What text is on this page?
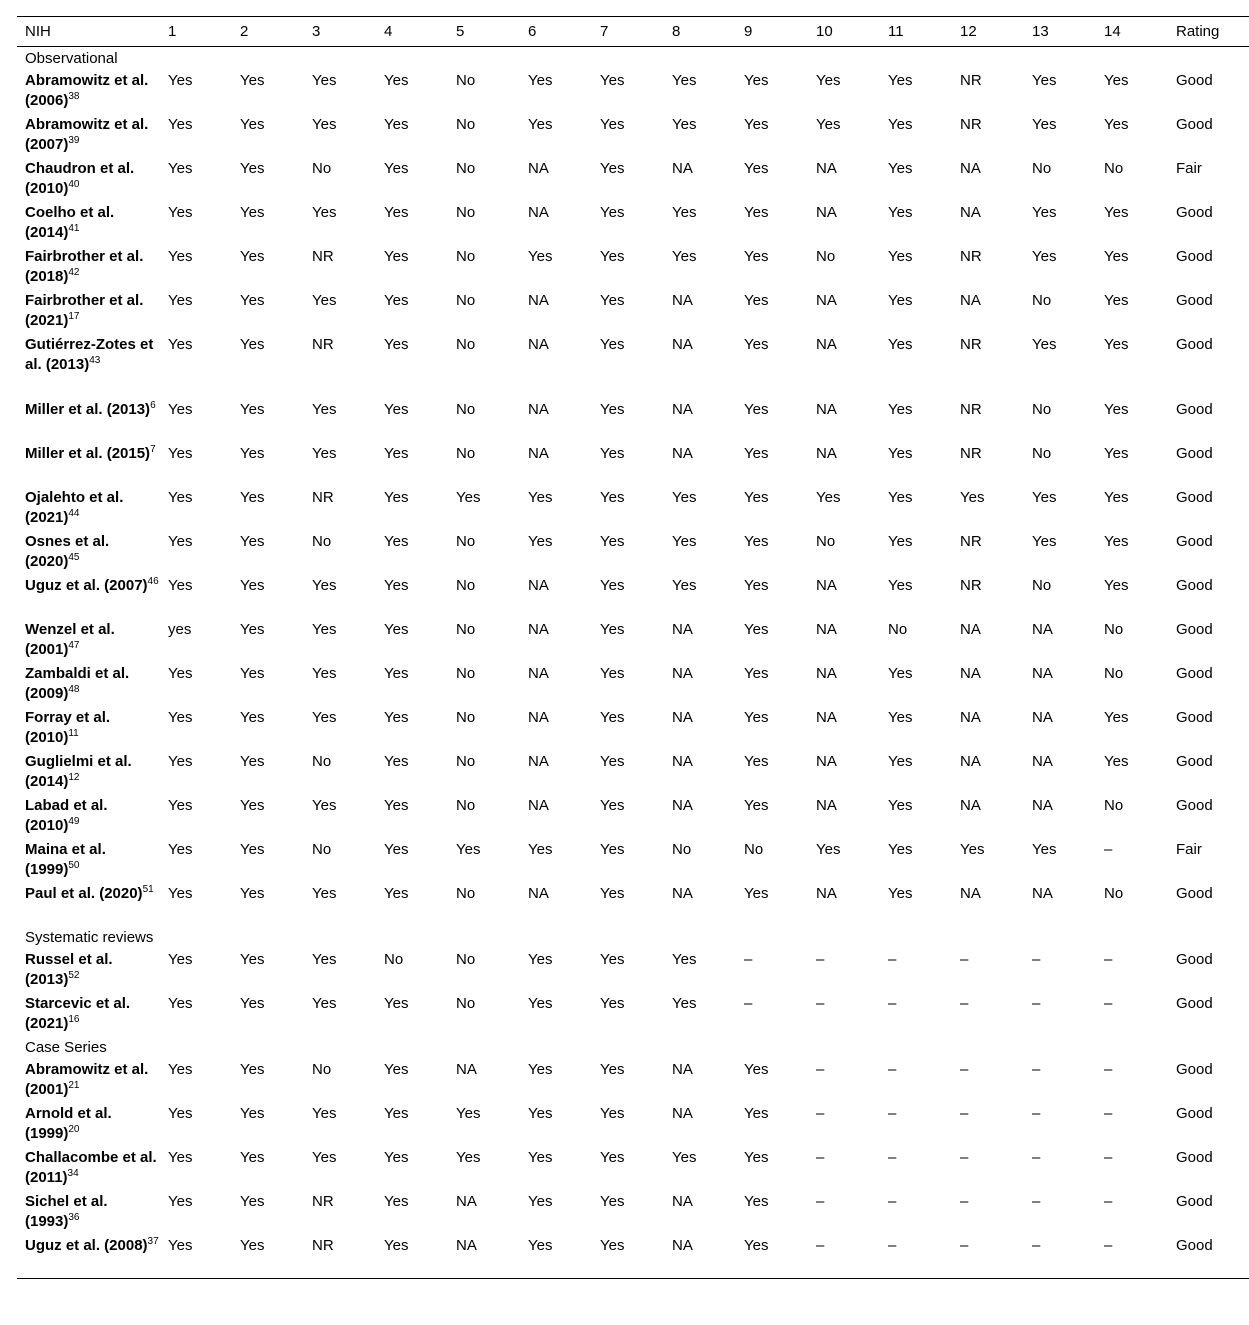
NIH	1	2	3	4	5	6	7	8	9	10	11	12	13	14	Rating
Observational															
Abramowitz et al. $(2006)^{38}$	Yes	Yes	Yes	Yes	No	Yes	Yes	Yes	Yes	Yes	Yes	NR	Yes	Yes	Good
Abramowitz et al. $(2007)^{39}$	Yes	Yes	Yes	Yes	No	Yes	Yes	Yes	Yes	Yes	Yes	NR	Yes	Yes	Good
Chaudron et al. $(2010)^{40}$	Yes	Yes	No	Yes	No	NA	Yes	NA	Yes	NA	Yes	NA	No	No	Fair
Coelho et al. $(2014)^{41}$	Yes	Yes	Yes	Yes	No	NA	Yes	Yes	Yes	NA	Yes	NA	Yes	Yes	Good
Fairbrother et al. $(2018)^{42}$	Yes	Yes	NR	Yes	No	Yes	Yes	Yes	Yes	No	Yes	NR	Yes	Yes	Good
Fairbrother et al. $(2021)^{17}$	Yes	Yes	Yes	Yes	No	NA	Yes	NA	Yes	NA	Yes	NA	No	Yes	Good
Gutiérrez-Zotes et al. $(2013)^{43}$	Yes	Yes	NR	Yes	No	NA	Yes	NA	Yes	NA	Yes	NR	Yes	Yes	Good
Miller et al. $(2013)^6$	Yes	Yes	Yes	Yes	No	NA	Yes	NA	Yes	NA	Yes	NR	No	Yes	Good
Miller et al. $(2015)^7$	Yes	Yes	Yes	Yes	No	NA	Yes	NA	Yes	NA	Yes	NR	No	Yes	Good
Ojalehto et al. $(2021)^{44}$	Yes	Yes	NR	Yes	Yes	Yes	Yes	Yes	Yes	Yes	Yes	Yes	Yes	Yes	Good
Osnes et al. $(2020)^{45}$	Yes	Yes	No	Yes	No	Yes	Yes	Yes	Yes	No	Yes	NR	Yes	Yes	Good
Uguz et al. $(2007)^{46}$	Yes	Yes	Yes	Yes	No	NA	Yes	Yes	Yes	NA	Yes	NR	No	Yes	Good
Wenzel et al. $(2001)^{47}$	yes	Yes	Yes	Yes	No	NA	Yes	NA	Yes	NA	No	NA	NA	No	Good
Zambaldi et al. $(2009)^{48}$	Yes	Yes	Yes	Yes	No	NA	Yes	NA	Yes	NA	Yes	NA	NA	No	Good
Forray et al. $(2010)^{11}$	Yes	Yes	Yes	Yes	No	NA	Yes	NA	Yes	NA	Yes	NA	NA	Yes	Good
Guglielmi et al. $(2014)^{12}$	Yes	Yes	No	Yes	No	NA	Yes	NA	Yes	NA	Yes	NA	NA	Yes	Good
Labad et al. $(2010)^{49}$	Yes	Yes	Yes	Yes	No	NA	Yes	NA	Yes	NA	Yes	NA	NA	No	Good
Maina et al. $(1999)^{50}$	Yes	Yes	No	Yes	Yes	Yes	Yes	No	No	Yes	Yes	Yes	Yes	–	Fair
Paul et al. $(2020)^{51}$	Yes	Yes	Yes	Yes	No	NA	Yes	NA	Yes	NA	Yes	NA	NA	No	Good
Systematic reviews															
Russel et al. $(2013)^{52}$	Yes	Yes	Yes	No	No	Yes	Yes	Yes	–	–	–	–	–	–	Good
Starcevic et al. $(2021)^{16}$	Yes	Yes	Yes	Yes	No	Yes	Yes	Yes	–	–	–	–	–	–	Good
Case Series															
Abramowitz et al. $(2001)^{21}$	Yes	Yes	No	Yes	NA	Yes	Yes	NA	Yes	–	–	–	–	–	Good
Arnold et al. $(1999)^{20}$	Yes	Yes	Yes	Yes	Yes	Yes	Yes	NA	Yes	–	–	–	–	–	Good
Challacombe et al. $(2011)^{34}$	Yes	Yes	Yes	Yes	Yes	Yes	Yes	Yes	Yes	–	–	–	–	–	Good
Sichel et al. $(1993)^{36}$	Yes	Yes	NR	Yes	NA	Yes	Yes	NA	Yes	–	–	–	–	–	Good
Uguz et al. $(2008)^{37}$	Yes	Yes	NR	Yes	NA	Yes	Yes	NA	Yes	–	–	–	–	–	Good
